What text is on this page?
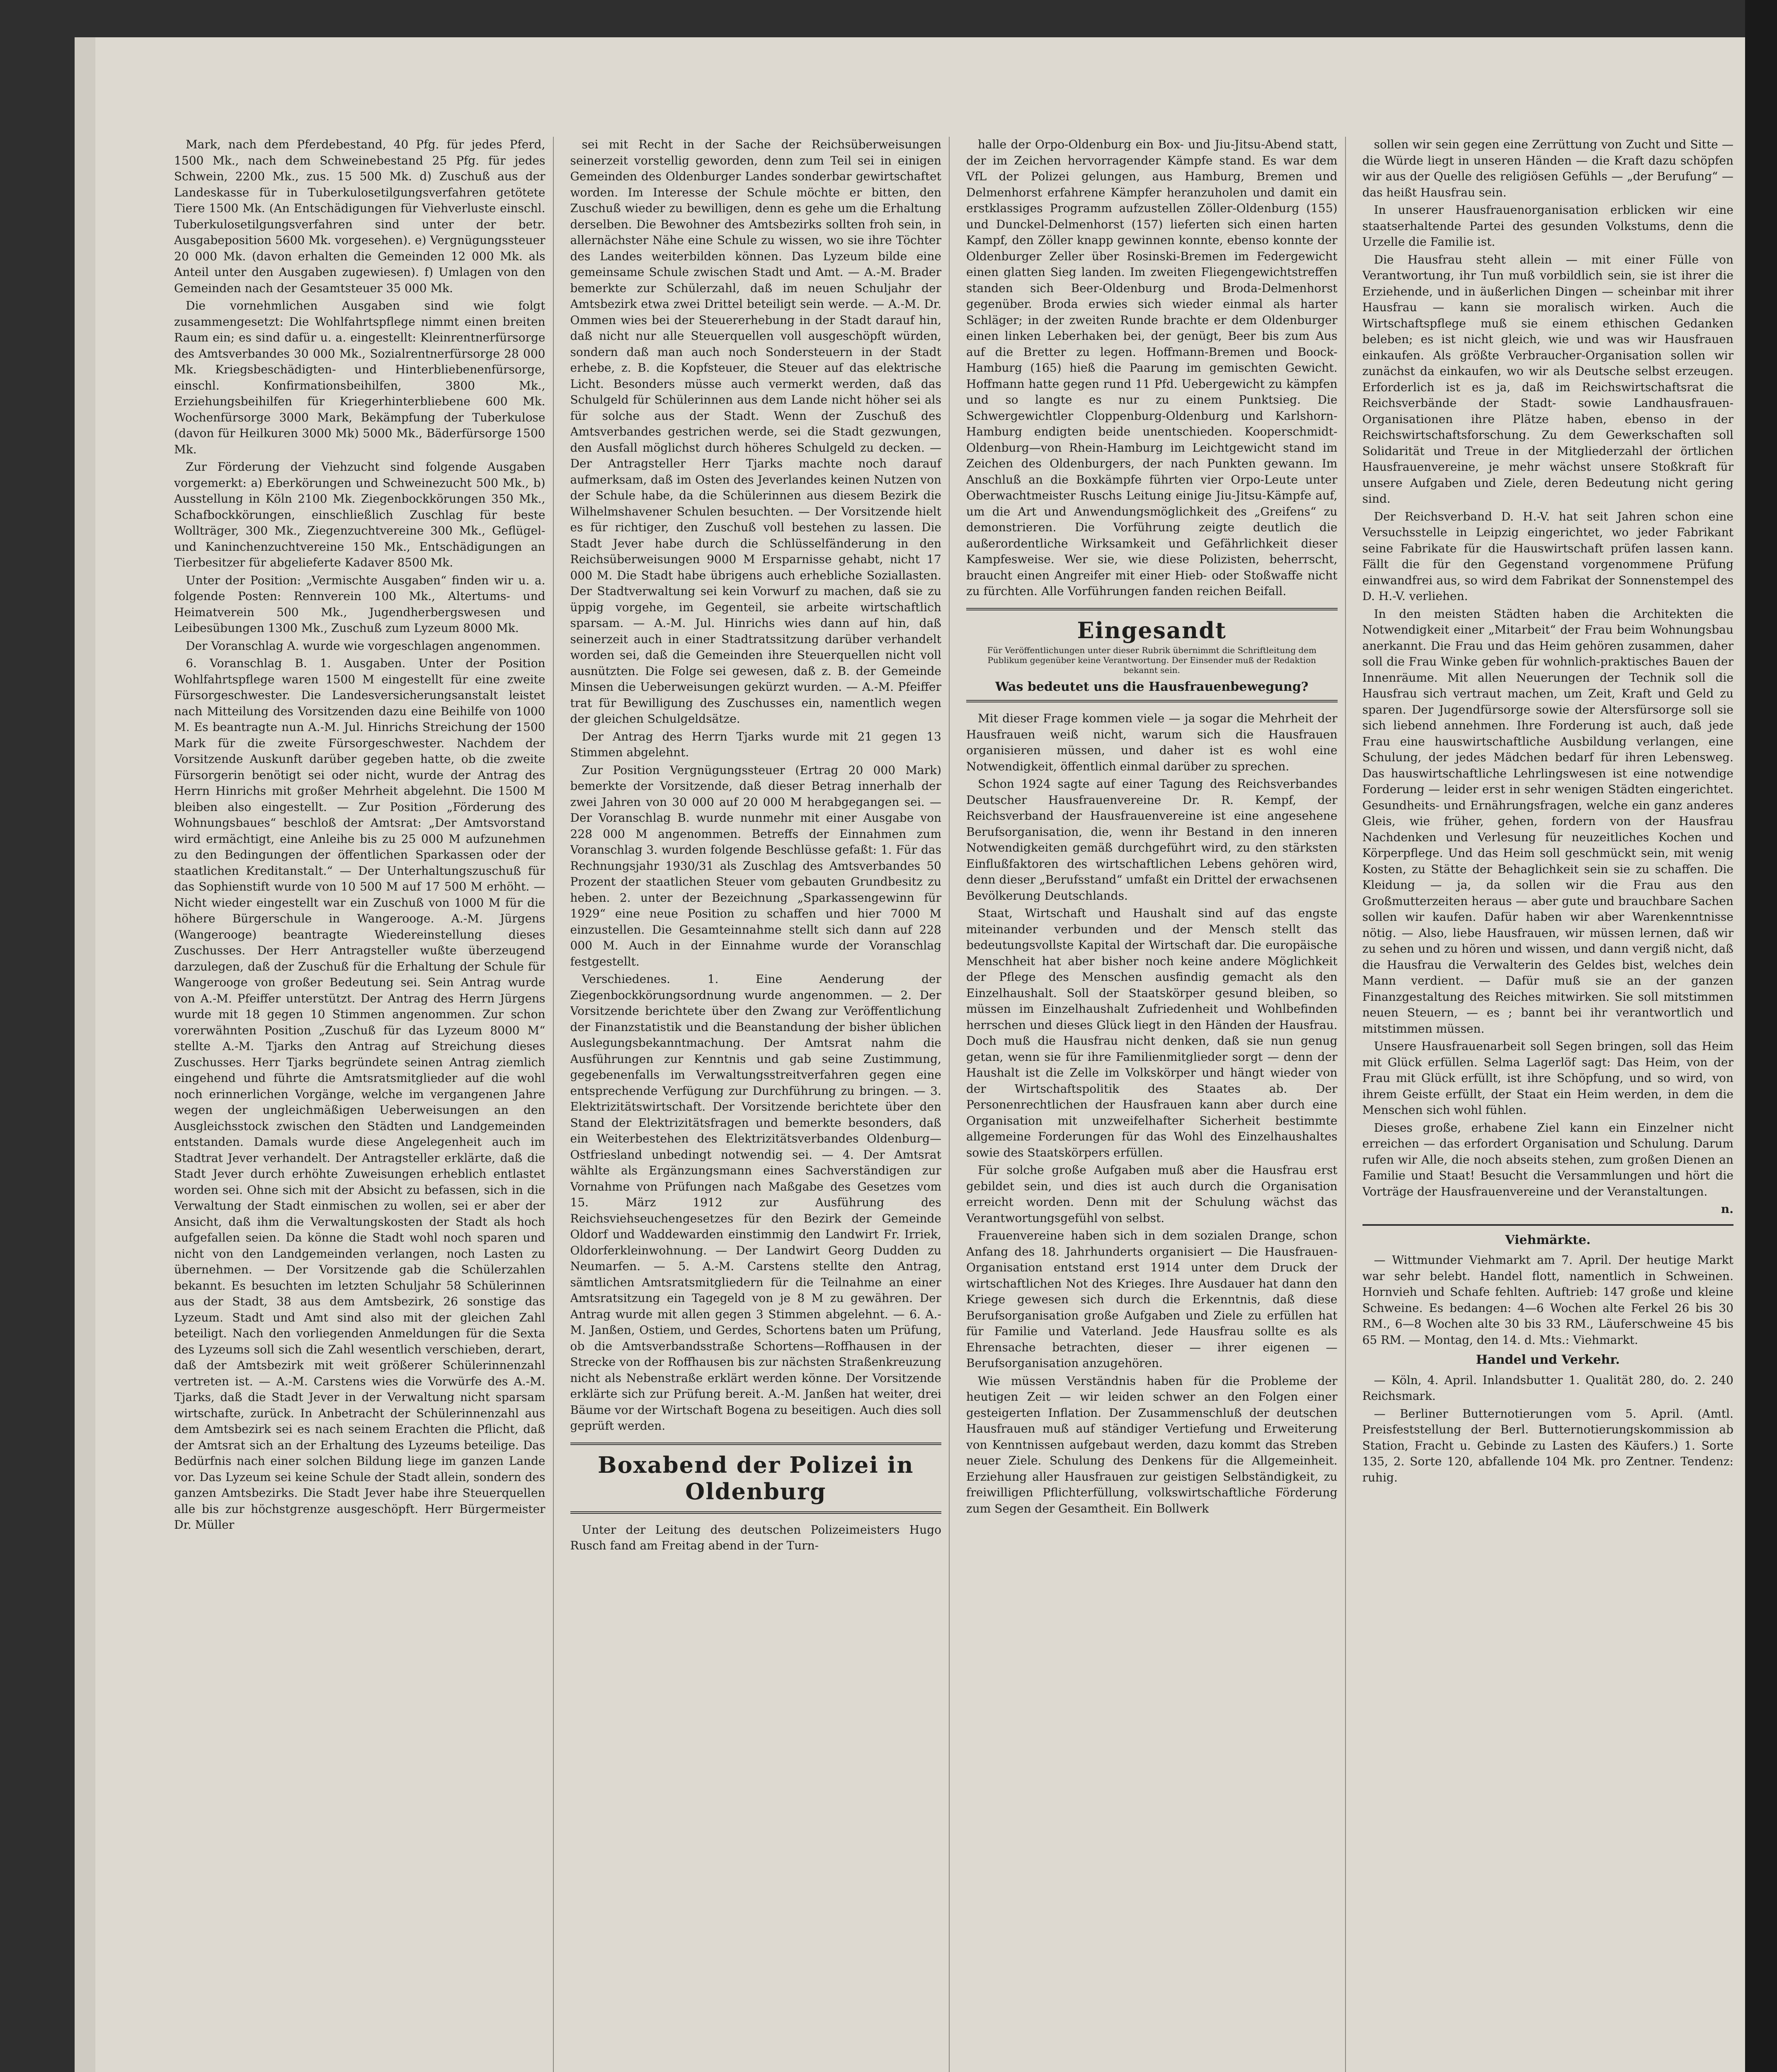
Mark, nach dem Pferdebestand, 40 Pfg. für jedes Pferd, 1500 Mk., nach dem Schweinebestand 25 Pfg. für jedes Schwein, 2200 Mk., zus. 15 500 Mk. d) Zuschuß aus der Landeskasse für in Tuberkulosetilgungsverfahren getötete Tiere 1500 Mk. (An Entschädigungen für Viehverluste einschl. Tuberkulosetilgungsverfahren sind unter der betr. Ausgabeposition 5600 Mk. vorgesehen). e) Vergnügungssteuer 20 000 Mk. (davon erhalten die Gemeinden 12 000 Mk. als Anteil unter den Ausgaben zugewiesen). f) Umlagen von den Gemeinden nach der Gesamtsteuer 35 000 Mk.

Die vornehmlichen Ausgaben sind wie folgt zusammengesetzt: Die Wohlfahrtspflege nimmt einen breiten Raum ein; es sind dafür u. a. eingestellt: Kleinrentnerfürsorge des Amtsverbandes 30 000 Mk., Sozialrentnerfürsorge 28 000 Mk. Kriegsbeschädigten- und Hinterbliebenenfürsorge, einschl. Konfirmationsbeihilfen, 3800 Mk., Erziehungsbeihilfen für Kriegerhinterbliebene 600 Mk. Wochenfürsorge 3000 Mark, Bekämpfung der Tuberkulose (davon für Heilkuren 3000 Mk) 5000 Mk., Bäderfürsorge 1500 Mk.

Zur Förderung der Viehzucht sind folgende Ausgaben vorgemerkt: a) Eberkörungen und Schweinezucht 500 Mk., b) Ausstellung in Köln 2100 Mk. Ziegenbockkörungen 350 Mk., Schafbockkörungen, einschließlich Zuschlag für beste Wollträger, 300 Mk., Ziegenzuchtvereine 300 Mk., Geflügel- und Kaninchenzuchtvereine 150 Mk., Entschädigungen an Tierbesitzer für abgelieferte Kadaver 8500 Mk.

Unter der Position: „Vermischte Ausgaben“ finden wir u. a. folgende Posten: Rennverein 100 Mk., Altertums- und Heimatverein 500 Mk., Jugendherbergswesen und Leibesübungen 1300 Mk., Zuschuß zum Lyzeum 8000 Mk.

Der Voranschlag A. wurde wie vorgeschlagen angenommen.

6. Voranschlag B. 1. Ausgaben. Unter der Position Wohlfahrtspflege waren 1500 M eingestellt für eine zweite Fürsorgeschwester. Die Landesversicherungsanstalt leistet nach Mitteilung des Vorsitzenden dazu eine Beihilfe von 1000 M. Es beantragte nun A.-M. Jul. Hinrichs Streichung der 1500 Mark für die zweite Fürsorgeschwester. Nachdem der Vorsitzende Auskunft darüber gegeben hatte, ob die zweite Fürsorgerin benötigt sei oder nicht, wurde der Antrag des Herrn Hinrichs mit großer Mehrheit abgelehnt. Die 1500 M bleiben also eingestellt. — Zur Position „Förderung des Wohnungsbaues“ beschloß der Amtsrat: „Der Amtsvorstand wird ermächtigt, eine Anleihe bis zu 25 000 M aufzunehmen zu den Bedingungen der öffentlichen Sparkassen oder der staatlichen Kreditanstalt.“ — Der Unterhaltungszuschuß für das Sophienstift wurde von 10 500 M auf 17 500 M erhöht. — Nicht wieder eingestellt war ein Zuschuß von 1000 M für die höhere Bürgerschule in Wangerooge. A.-M. Jürgens (Wangerooge) beantragte Wiedereinstellung dieses Zuschusses. Der Herr Antragsteller wußte überzeugend darzulegen, daß der Zuschuß für die Erhaltung der Schule für Wangerooge von großer Bedeutung sei. Sein Antrag wurde von A.-M. Pfeiffer unterstützt. Der Antrag des Herrn Jürgens wurde mit 18 gegen 10 Stimmen angenommen. Zur schon vorerwähnten Position „Zuschuß für das Lyzeum 8000 M“ stellte A.-M. Tjarks den Antrag auf Streichung dieses Zuschusses. Herr Tjarks begründete seinen Antrag ziemlich eingehend und führte die Amtsratsmitglieder auf die wohl noch erinnerlichen Vorgänge, welche im vergangenen Jahre wegen der ungleichmäßigen Ueberweisungen an den Ausgleichsstock zwischen den Städten und Landgemeinden entstanden. Damals wurde diese Angelegenheit auch im Stadtrat Jever verhandelt. Der Antragsteller erklärte, daß die Stadt Jever durch erhöhte Zuweisungen erheblich entlastet worden sei. Ohne sich mit der Absicht zu befassen, sich in die Verwaltung der Stadt einmischen zu wollen, sei er aber der Ansicht, daß ihm die Verwaltungskosten der Stadt als hoch aufgefallen seien. Da könne die Stadt wohl noch sparen und nicht von den Landgemeinden verlangen, noch Lasten zu übernehmen. — Der Vorsitzende gab die Schülerzahlen bekannt. Es besuchten im letzten Schuljahr 58 Schülerinnen aus der Stadt, 38 aus dem Amtsbezirk, 26 sonstige das Lyzeum. Stadt und Amt sind also mit der gleichen Zahl beteiligt. Nach den vorliegenden Anmeldungen für die Sexta des Lyzeums soll sich die Zahl wesentlich verschieben, derart, daß der Amtsbezirk mit weit größerer Schülerinnenzahl vertreten ist. — A.-M. Carstens wies die Vorwürfe des A.-M. Tjarks, daß die Stadt Jever in der Verwaltung nicht sparsam wirtschafte, zurück. In Anbetracht der Schülerinnenzahl aus dem Amtsbezirk sei es nach seinem Erachten die Pflicht, daß der Amtsrat sich an der Erhaltung des Lyzeums beteilige. Das Bedürfnis nach einer solchen Bildung liege im ganzen Lande vor. Das Lyzeum sei keine Schule der Stadt allein, sondern des ganzen Amtsbezirks. Die Stadt Jever habe ihre Steuerquellen alle bis zur höchstgrenze ausgeschöpft. Herr Bürgermeister Dr. Müller

sei mit Recht in der Sache der Reichsüberweisungen seinerzeit vorstellig geworden, denn zum Teil sei in einigen Gemeinden des Oldenburger Landes sonderbar gewirtschaftet worden. Im Interesse der Schule möchte er bitten, den Zuschuß wieder zu bewilligen, denn es gehe um die Erhaltung derselben. Die Bewohner des Amtsbezirks sollten froh sein, in allernächster Nähe eine Schule zu wissen, wo sie ihre Töchter des Landes weiterbilden können. Das Lyzeum bilde eine gemeinsame Schule zwischen Stadt und Amt. — A.-M. Brader bemerkte zur Schülerzahl, daß im neuen Schuljahr der Amtsbezirk etwa zwei Drittel beteiligt sein werde. — A.-M. Dr. Ommen wies bei der Steuererhebung in der Stadt darauf hin, daß nicht nur alle Steuerquellen voll ausgeschöpft würden, sondern daß man auch noch Sondersteuern in der Stadt erhebe, z. B. die Kopfsteuer, die Steuer auf das elektrische Licht. Besonders müsse auch vermerkt werden, daß das Schulgeld für Schülerinnen aus dem Lande nicht höher sei als für solche aus der Stadt. Wenn der Zuschuß des Amtsverbandes gestrichen werde, sei die Stadt gezwungen, den Ausfall möglichst durch höheres Schulgeld zu decken. — Der Antragsteller Herr Tjarks machte noch darauf aufmerksam, daß im Osten des Jeverlandes keinen Nutzen von der Schule habe, da die Schülerinnen aus diesem Bezirk die Wilhelmshavener Schulen besuchten. — Der Vorsitzende hielt es für richtiger, den Zuschuß voll bestehen zu lassen. Die Stadt Jever habe durch die Schlüsselfänderung in den Reichsüberweisungen 9000 M Ersparnisse gehabt, nicht 17 000 M. Die Stadt habe übrigens auch erhebliche Soziallasten. Der Stadtverwaltung sei kein Vorwurf zu machen, daß sie zu üppig vorgehe, im Gegenteil, sie arbeite wirtschaftlich sparsam. — A.-M. Jul. Hinrichs wies dann auf hin, daß seinerzeit auch in einer Stadtratssitzung darüber verhandelt worden sei, daß die Gemeinden ihre Steuerquellen nicht voll ausnützten. Die Folge sei gewesen, daß z. B. der Gemeinde Minsen die Ueberweisungen gekürzt wurden. — A.-M. Pfeiffer trat für Bewilligung des Zuschusses ein, namentlich wegen der gleichen Schulgeldsätze.

Der Antrag des Herrn Tjarks wurde mit 21 gegen 13 Stimmen abgelehnt.

Zur Position Vergnügungssteuer (Ertrag 20 000 Mark) bemerkte der Vorsitzende, daß dieser Betrag innerhalb der zwei Jahren von 30 000 auf 20 000 M herabgegangen sei. — Der Voranschlag B. wurde nunmehr mit einer Ausgabe von 228 000 M angenommen. Betreffs der Einnahmen zum Voranschlag 3. wurden folgende Beschlüsse gefaßt: 1. Für das Rechnungsjahr 1930/31 als Zuschlag des Amtsverbandes 50 Prozent der staatlichen Steuer vom gebauten Grundbesitz zu heben. 2. unter der Bezeichnung „Sparkassengewinn für 1929“ eine neue Position zu schaffen und hier 7000 M einzustellen. Die Gesamteinnahme stellt sich dann auf 228 000 M. Auch in der Einnahme wurde der Voranschlag festgestellt.

Verschiedenes. 1. Eine Aenderung der Ziegenbockkörungsordnung wurde angenommen. — 2. Der Vorsitzende berichtete über den Zwang zur Veröffentlichung der Finanzstatistik und die Beanstandung der bisher üblichen Auslegungsbekanntmachung. Der Amtsrat nahm die Ausführungen zur Kenntnis und gab seine Zustimmung, gegebenenfalls im Verwaltungsstreitverfahren gegen eine entsprechende Verfügung zur Durchführung zu bringen. — 3. Elektrizitätswirtschaft. Der Vorsitzende berichtete über den Stand der Elektrizitätsfragen und bemerkte besonders, daß ein Weiterbestehen des Elektrizitätsverbandes Oldenburg—Ostfriesland unbedingt notwendig sei. — 4. Der Amtsrat wählte als Ergänzungsmann eines Sachverständigen zur Vornahme von Prüfungen nach Maßgabe des Gesetzes vom 15. März 1912 zur Ausführung des Reichsviehseuchengesetzes für den Bezirk der Gemeinde Oldorf und Waddewarden einstimmig den Landwirt Fr. Irriek, Oldorferkleinwohnung. — Der Landwirt Georg Dudden zu Neumarfen. — 5. A.-M. Carstens stellte den Antrag, sämtlichen Amtsratsmitgliedern für die Teilnahme an einer Amtsratsitzung ein Tagegeld von je 8 M zu gewähren. Der Antrag wurde mit allen gegen 3 Stimmen abgelehnt. — 6. A.-M. Janßen, Ostiem, und Gerdes, Schortens baten um Prüfung, ob die Amtsverbandsstraße Schortens—Roffhausen in der Strecke von der Roffhausen bis zur nächsten Straßenkreuzung nicht als Nebenstraße erklärt werden könne. Der Vorsitzende erklärte sich zur Prüfung bereit. A.-M. Janßen hat weiter, drei Bäume vor der Wirtschaft Bogena zu beseitigen. Auch dies soll geprüft werden.

Boxabend der Polizei in Oldenburg

Unter der Leitung des deutschen Polizeimeisters Hugo Rusch fand am Freitag abend in der Turn-

halle der Orpo-Oldenburg ein Box- und Jiu-Jitsu-Abend statt, der im Zeichen hervorragender Kämpfe stand. Es war dem VfL der Polizei gelungen, aus Hamburg, Bremen und Delmenhorst erfahrene Kämpfer heranzuholen und damit ein erstklassiges Programm aufzustellen Zöller-Oldenburg (155) und Dunckel-Delmenhorst (157) lieferten sich einen harten Kampf, den Zöller knapp gewinnen konnte, ebenso konnte der Oldenburger Zeller über Rosinski-Bremen im Federgewicht einen glatten Sieg landen. Im zweiten Fliegengewichtstreffen standen sich Beer-Oldenburg und Broda-Delmenhorst gegenüber. Broda erwies sich wieder einmal als harter Schläger; in der zweiten Runde brachte er dem Oldenburger einen linken Leberhaken bei, der genügt, Beer bis zum Aus auf die Bretter zu legen. Hoffmann-Bremen und Boock-Hamburg (165) hieß die Paarung im gemischten Gewicht. Hoffmann hatte gegen rund 11 Pfd. Uebergewicht zu kämpfen und so langte es nur zu einem Punktsieg. Die Schwergewichtler Cloppenburg-Oldenburg und Karlshorn-Hamburg endigten beide unentschieden. Kooperschmidt-Oldenburg—von Rhein-Hamburg im Leichtgewicht stand im Zeichen des Oldenburgers, der nach Punkten gewann. Im Anschluß an die Boxkämpfe führten vier Orpo-Leute unter Oberwachtmeister Ruschs Leitung einige Jiu-Jitsu-Kämpfe auf, um die Art und Anwendungsmöglichkeit des „Greifens“ zu demonstrieren. Die Vorführung zeigte deutlich die außerordentliche Wirksamkeit und Gefährlichkeit dieser Kampfesweise. Wer sie, wie diese Polizisten, beherrscht, braucht einen Angreifer mit einer Hieb- oder Stoßwaffe nicht zu fürchten. Alle Vorführungen fanden reichen Beifall.

Eingesandt
Für Veröffentlichungen unter dieser Rubrik übernimmt die Schriftleitung dem Publikum gegenüber keine Verantwortung. Der Einsender muß der Redaktion bekannt sein.
Was bedeutet uns die Hausfrauenbewegung?

Mit dieser Frage kommen viele — ja sogar die Mehrheit der Hausfrauen weiß nicht, warum sich die Hausfrauen organisieren müssen, und daher ist es wohl eine Notwendigkeit, öffentlich einmal darüber zu sprechen.

Schon 1924 sagte auf einer Tagung des Reichsverbandes Deutscher Hausfrauenvereine Dr. R. Kempf, der Reichsverband der Hausfrauenvereine ist eine angesehene Berufsorganisation, die, wenn ihr Bestand in den inneren Notwendigkeiten gemäß durchgeführt wird, zu den stärksten Einflußfaktoren des wirtschaftlichen Lebens gehören wird, denn dieser „Berufsstand“ umfaßt ein Drittel der erwachsenen Bevölkerung Deutschlands.

Staat, Wirtschaft und Haushalt sind auf das engste miteinander verbunden und der Mensch stellt das bedeutungsvollste Kapital der Wirtschaft dar. Die europäische Menschheit hat aber bisher noch keine andere Möglichkeit der Pflege des Menschen ausfindig gemacht als den Einzelhaushalt. Soll der Staatskörper gesund bleiben, so müssen im Einzelhaushalt Zufriedenheit und Wohlbefinden herrschen und dieses Glück liegt in den Händen der Hausfrau. Doch muß die Hausfrau nicht denken, daß sie nun genug getan, wenn sie für ihre Familienmitglieder sorgt — denn der Haushalt ist die Zelle im Volkskörper und hängt wieder von der Wirtschaftspolitik des Staates ab. Der Personenrechtlichen der Hausfrauen kann aber durch eine Organisation mit unzweifelhafter Sicherheit bestimmte allgemeine Forderungen für das Wohl des Einzelhaushaltes sowie des Staatskörpers erfüllen.

Für solche große Aufgaben muß aber die Hausfrau erst gebildet sein, und dies ist auch durch die Organisation erreicht worden. Denn mit der Schulung wächst das Verantwortungsgefühl von selbst.

Frauenvereine haben sich in dem sozialen Drange, schon Anfang des 18. Jahrhunderts organisiert — Die Hausfrauen-Organisation entstand erst 1914 unter dem Druck der wirtschaftlichen Not des Krieges. Ihre Ausdauer hat dann den Kriege gewesen sich durch die Erkenntnis, daß diese Berufsorganisation große Aufgaben und Ziele zu erfüllen hat für Familie und Vaterland. Jede Hausfrau sollte es als Ehrensache betrachten, dieser — ihrer eigenen — Berufsorganisation anzugehören.

Wie müssen Verständnis haben für die Probleme der heutigen Zeit — wir leiden schwer an den Folgen einer gesteigerten Inflation. Der Zusammenschluß der deutschen Hausfrauen muß auf ständiger Vertiefung und Erweiterung von Kenntnissen aufgebaut werden, dazu kommt das Streben neuer Ziele. Schulung des Denkens für die Allgemeinheit. Erziehung aller Hausfrauen zur geistigen Selbständigkeit, zu freiwilligen Pflichterfüllung, volkswirtschaftliche Förderung zum Segen der Gesamtheit. Ein Bollwerk

sollen wir sein gegen eine Zerrüttung von Zucht und Sitte — die Würde liegt in unseren Händen — die Kraft dazu schöpfen wir aus der Quelle des religiösen Gefühls — „der Berufung“ — das heißt Hausfrau sein.

In unserer Hausfrauenorganisation erblicken wir eine staatserhaltende Partei des gesunden Volkstums, denn die Urzelle die Familie ist.

Die Hausfrau steht allein — mit einer Fülle von Verantwortung, ihr Tun muß vorbildlich sein, sie ist ihrer die Erziehende, und in äußerlichen Dingen — scheinbar mit ihrer Hausfrau — kann sie moralisch wirken. Auch die Wirtschaftspflege muß sie einem ethischen Gedanken beleben; es ist nicht gleich, wie und was wir Hausfrauen einkaufen. Als größte Verbraucher-Organisation sollen wir zunächst da einkaufen, wo wir als Deutsche selbst erzeugen. Erforderlich ist es ja, daß im Reichswirtschaftsrat die Reichsverbände der Stadt- sowie Landhausfrauen-Organisationen ihre Plätze haben, ebenso in der Reichswirtschaftsforschung. Zu dem Gewerkschaften soll Solidarität und Treue in der Mitgliederzahl der örtlichen Hausfrauenvereine, je mehr wächst unsere Stoßkraft für unsere Aufgaben und Ziele, deren Bedeutung nicht gering sind.

Der Reichsverband D. H.-V. hat seit Jahren schon eine Versuchsstelle in Leipzig eingerichtet, wo jeder Fabrikant seine Fabrikate für die Hauswirtschaft prüfen lassen kann. Fällt die für den Gegenstand vorgenommene Prüfung einwandfrei aus, so wird dem Fabrikat der Sonnenstempel des D. H.-V. verliehen.

In den meisten Städten haben die Architekten die Notwendigkeit einer „Mitarbeit“ der Frau beim Wohnungsbau anerkannt. Die Frau und das Heim gehören zusammen, daher soll die Frau Winke geben für wohnlich-praktisches Bauen der Innenräume. Mit allen Neuerungen der Technik soll die Hausfrau sich vertraut machen, um Zeit, Kraft und Geld zu sparen. Der Jugendfürsorge sowie der Altersfürsorge soll sie sich liebend annehmen. Ihre Forderung ist auch, daß jede Frau eine hauswirtschaftliche Ausbildung verlangen, eine Schulung, der jedes Mädchen bedarf für ihren Lebensweg. Das hauswirtschaftliche Lehrlingswesen ist eine notwendige Forderung — leider erst in sehr wenigen Städten eingerichtet. Gesundheits- und Ernährungsfragen, welche ein ganz anderes Gleis, wie früher, gehen, fordern von der Hausfrau Nachdenken und Verlesung für neuzeitliches Kochen und Körperpflege. Und das Heim soll geschmückt sein, mit wenig Kosten, zu Stätte der Behaglichkeit sein sie zu schaffen. Die Kleidung — ja, da sollen wir die Frau aus den Großmutterzeiten heraus — aber gute und brauchbare Sachen sollen wir kaufen. Dafür haben wir aber Warenkenntnisse nötig. — Also, liebe Hausfrauen, wir müssen lernen, daß wir zu sehen und zu hören und wissen, und dann vergiß nicht, daß die Hausfrau die Verwalterin des Geldes bist, welches dein Mann verdient. — Dafür muß sie an der ganzen Finanzgestaltung des Reiches mitwirken. Sie soll mitstimmen neuen Steuern, — es ; bannt bei ihr verantwortlich und mitstimmen müssen.

Unsere Hausfrauenarbeit soll Segen bringen, soll das Heim mit Glück erfüllen. Selma Lagerlöf sagt: Das Heim, von der Frau mit Glück erfüllt, ist ihre Schöpfung, und so wird, von ihrem Geiste erfüllt, der Staat ein Heim werden, in dem die Menschen sich wohl fühlen.

Dieses große, erhabene Ziel kann ein Einzelner nicht erreichen — das erfordert Organisation und Schulung. Darum rufen wir Alle, die noch abseits stehen, zum großen Dienen an Familie und Staat! Besucht die Versammlungen und hört die Vorträge der Hausfrauenvereine und der Veranstaltungen.

n.
Viehmärkte.

— Wittmunder Viehmarkt am 7. April. Der heutige Markt war sehr belebt. Handel flott, namentlich in Schweinen. Hornvieh und Schafe fehlten. Auftrieb: 147 große und kleine Schweine. Es bedangen: 4—6 Wochen alte Ferkel 26 bis 30 RM., 6—8 Wochen alte 30 bis 33 RM., Läuferschweine 45 bis 65 RM. — Montag, den 14. d. Mts.: Viehmarkt.

Handel und Verkehr.

— Köln, 4. April. Inlandsbutter 1. Qualität 280, do. 2. 240 Reichsmark.

— Berliner Butternotierungen vom 5. April. (Amtl. Preisfeststellung der Berl. Butternotierungskommission ab Station, Fracht u. Gebinde zu Lasten des Käufers.) 1. Sorte 135, 2. Sorte 120, abfallende 104 Mk. pro Zentner. Tendenz: ruhig.
